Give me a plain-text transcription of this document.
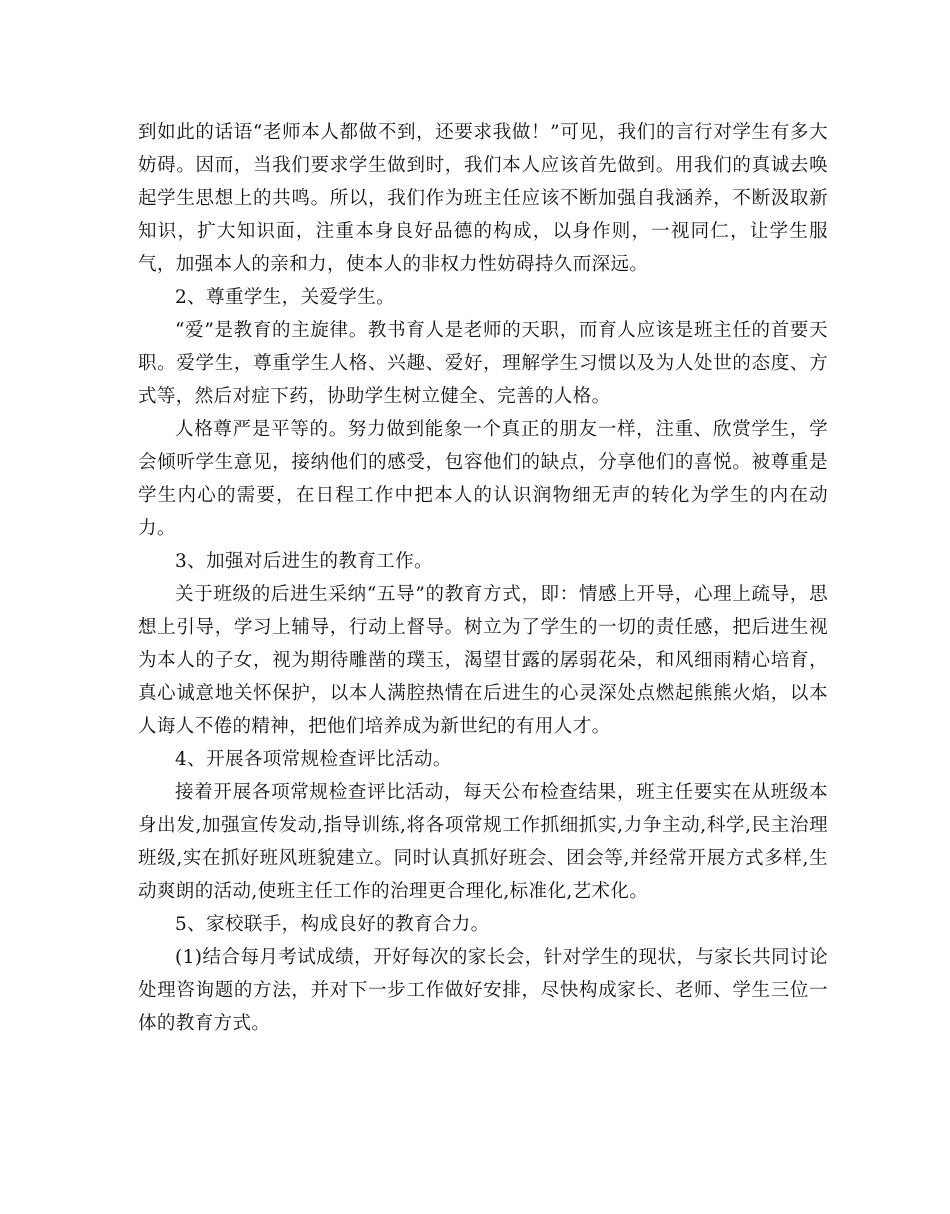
到如此的话语“老师本人都做不到，还要求我做！”可见，我们的言行对学生有多大妨碍。因而，当我们要求学生做到时，我们本人应该首先做到。用我们的真诚去唤起学生思想上的共鸣。所以，我们作为班主任应该不断加强自我涵养，不断汲取新知识，扩大知识面，注重本身良好品德的构成，以身作则，一视同仁，让学生服气，加强本人的亲和力，使本人的非权力性妨碍持久而深远。

2、尊重学生，关爱学生。

“爱”是教育的主旋律。教书育人是老师的天职，而育人应该是班主任的首要天职。爱学生，尊重学生人格、兴趣、爱好，理解学生习惯以及为人处世的态度、方式等，然后对症下药，协助学生树立健全、完善的人格。

人格尊严是平等的。努力做到能象一个真正的朋友一样，注重、欣赏学生，学会倾听学生意见，接纳他们的感受，包容他们的缺点，分享他们的喜悦。被尊重是学生内心的需要，在日程工作中把本人的认识润物细无声的转化为学生的内在动力。

3、加强对后进生的教育工作。

关于班级的后进生采纳“五导”的教育方式，即：情感上开导，心理上疏导，思想上引导，学习上辅导，行动上督导。树立为了学生的一切的责任感，把后进生视为本人的子女，视为期待雕凿的璞玉，渴望甘露的孱弱花朵，和风细雨精心培育，真心诚意地关怀保护，以本人满腔热情在后进生的心灵深处点燃起熊熊火焰，以本人诲人不倦的精神，把他们培养成为新世纪的有用人才。

4、开展各项常规检查评比活动。

接着开展各项常规检查评比活动，每天公布检查结果，班主任要实在从班级本身出发,加强宣传发动,指导训练,将各项常规工作抓细抓实,力争主动,科学,民主治理班级,实在抓好班风班貌建立。同时认真抓好班会、团会等,并经常开展方式多样,生动爽朗的活动,使班主任工作的治理更合理化,标准化,艺术化。

5、家校联手，构成良好的教育合力。

(1)结合每月考试成绩，开好每次的家长会，针对学生的现状，与家长共同讨论处理咨询题的方法，并对下一步工作做好安排，尽快构成家长、老师、学生三位一体的教育方式。
